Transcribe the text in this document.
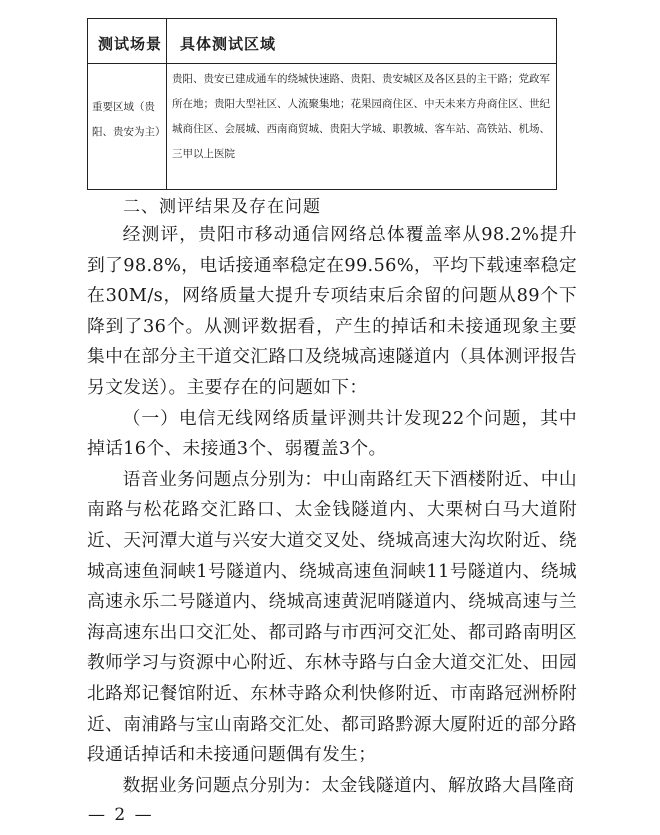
测试场景 具体测试区域
重要区域（贵阳、贵安为主）
贵阳、贵安已建成通车的绕城快速路、贵阳、贵安城区及各区县的主干路；党政军所在地；贵阳大型社区、人流聚集地；花果园商住区、中天未来方舟商住区、世纪城商住区、会展城、西南商贸城、贵阳大学城、职教城、客车站、高铁站、机场、三甲以上医院
二、测评结果及存在问题

经测评，贵阳市移动通信网络总体覆盖率从98.2%提升到了98.8%，电话接通率稳定在99.56%，平均下载速率稳定在30M/s，网络质量大提升专项结束后余留的问题从89个下降到了36个。从测评数据看，产生的掉话和未接通现象主要集中在部分主干道交汇路口及绕城高速隧道内（具体测评报告另文发送）。主要存在的问题如下：

（一）电信无线网络质量评测共计发现22个问题，其中掉话16个、未接通3个、弱覆盖3个。

语音业务问题点分别为：中山南路红天下酒楼附近、中山南路与松花路交汇路口、太金钱隧道内、大栗树白马大道附近、天河潭大道与兴安大道交叉处、绕城高速大沟坎附近、绕城高速鱼洞峡1号隧道内、绕城高速鱼洞峡11号隧道内、绕城高速永乐二号隧道内、绕城高速黄泥哨隧道内、绕城高速与兰海高速东出口交汇处、都司路与市西河交汇处、都司路南明区教师学习与资源中心附近、东林寺路与白金大道交汇处、田园北路郑记餐馆附近、东林寺路众利快修附近、市南路冠洲桥附近、南浦路与宝山南路交汇处、都司路黔源大厦附近的部分路段通话掉话和未接通问题偶有发生；

数据业务问题点分别为：太金钱隧道内、解放路大昌隆商

— 2 —
